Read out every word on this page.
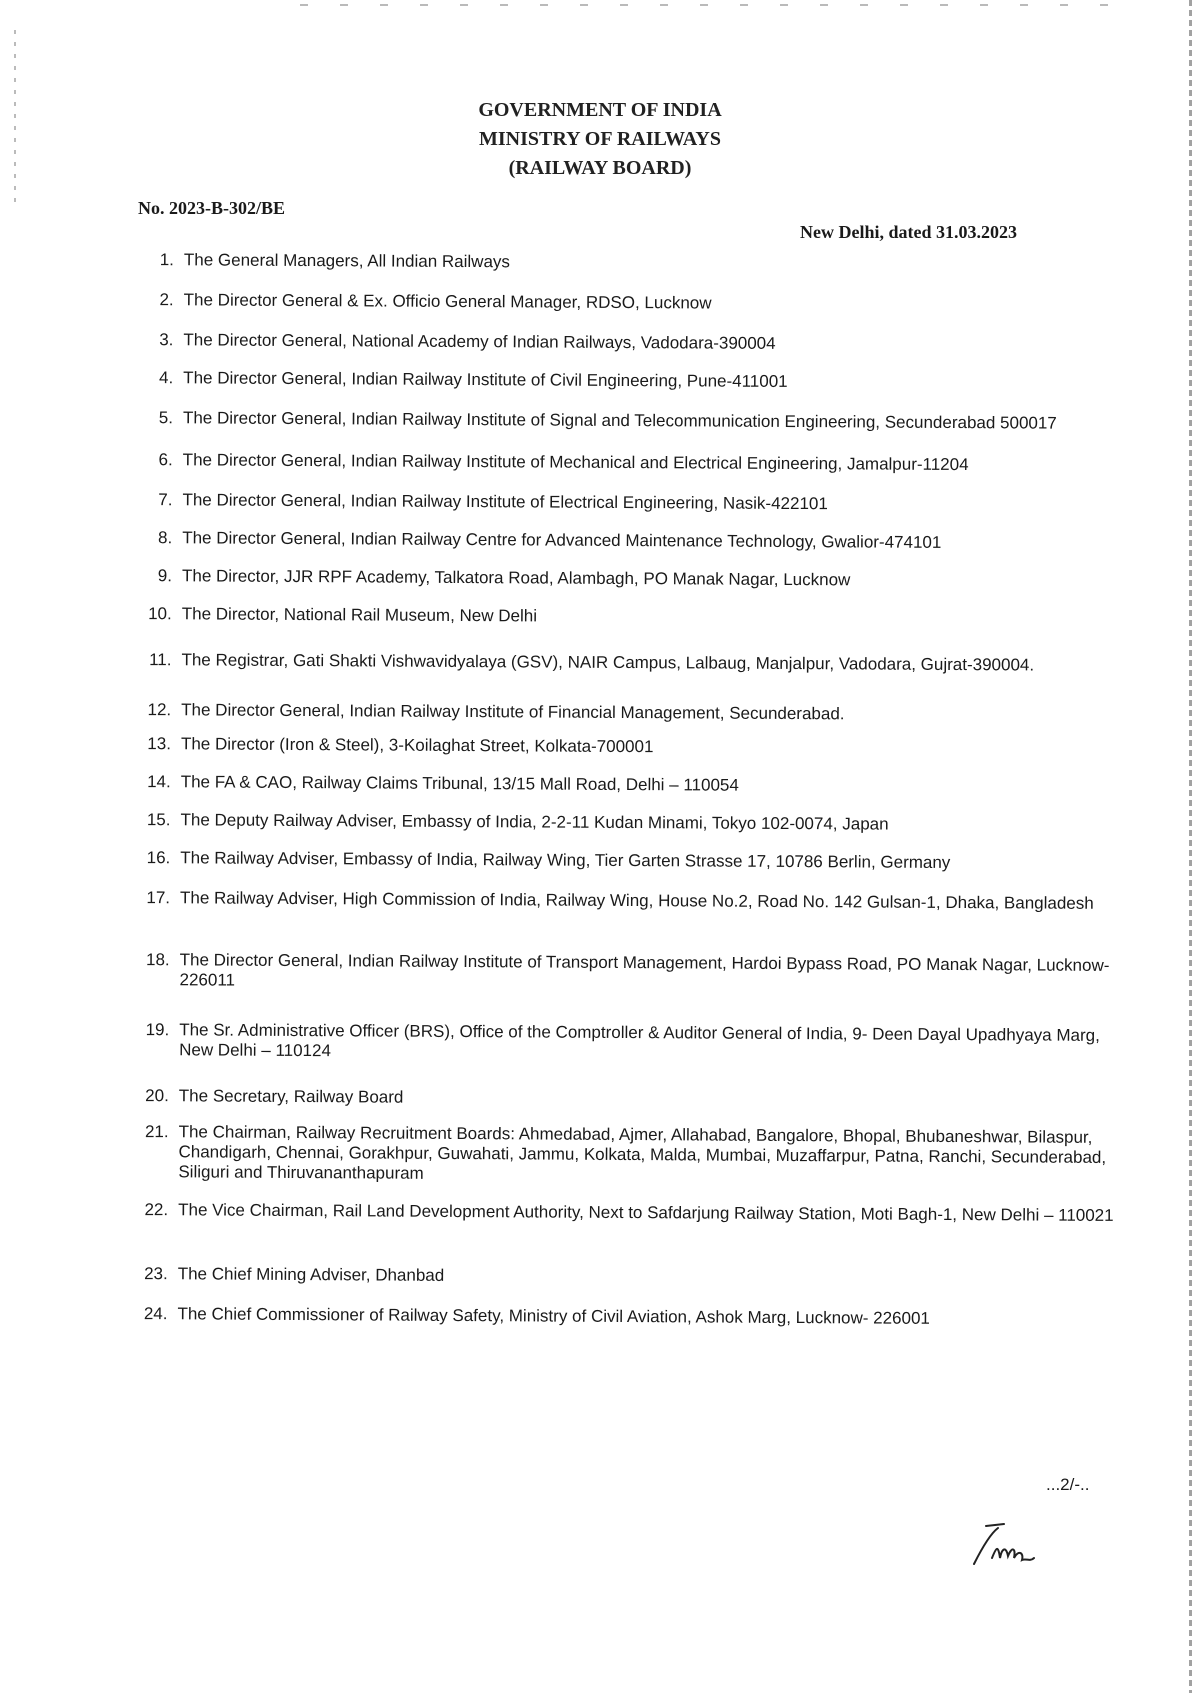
GOVERNMENT OF INDIA
MINISTRY OF RAILWAYS
(RAILWAY BOARD)
No. 2023-B-302/BE
New Delhi, dated 31.03.2023
1. The General Managers, All Indian Railways
2. The Director General & Ex. Officio General Manager, RDSO, Lucknow
3. The Director General, National Academy of Indian Railways, Vadodara-390004
4. The Director General, Indian Railway Institute of Civil Engineering, Pune-411001
5. The Director General, Indian Railway Institute of Signal and Telecommunication Engineering, Secunderabad 500017
6. The Director General, Indian Railway Institute of Mechanical and Electrical Engineering, Jamalpur-11204
7. The Director General, Indian Railway Institute of Electrical Engineering, Nasik-422101
8. The Director General, Indian Railway Centre for Advanced Maintenance Technology, Gwalior-474101
9. The Director, JJR RPF Academy, Talkatora Road, Alambagh, PO Manak Nagar, Lucknow
10. The Director, National Rail Museum, New Delhi
11. The Registrar, Gati Shakti Vishwavidyalaya (GSV), NAIR Campus, Lalbaug, Manjalpur, Vadodara, Gujrat-390004.
12. The Director General, Indian Railway Institute of Financial Management, Secunderabad.
13. The Director (Iron & Steel), 3-Koilaghat Street, Kolkata-700001
14. The FA & CAO, Railway Claims Tribunal, 13/15 Mall Road, Delhi – 110054
15. The Deputy Railway Adviser, Embassy of India, 2-2-11 Kudan Minami, Tokyo 102-0074, Japan
16. The Railway Adviser, Embassy of India, Railway Wing, Tier Garten Strasse 17, 10786 Berlin, Germany
17. The Railway Adviser, High Commission of India, Railway Wing, House No.2, Road No. 142 Gulsan-1, Dhaka, Bangladesh
18. The Director General, Indian Railway Institute of Transport Management, Hardoi Bypass Road, PO Manak Nagar, Lucknow-226011
19. The Sr. Administrative Officer (BRS), Office of the Comptroller & Auditor General of India, 9- Deen Dayal Upadhyaya Marg, New Delhi – 110124
20. The Secretary, Railway Board
21. The Chairman, Railway Recruitment Boards: Ahmedabad, Ajmer, Allahabad, Bangalore, Bhopal, Bhubaneshwar, Bilaspur, Chandigarh, Chennai, Gorakhpur, Guwahati, Jammu, Kolkata, Malda, Mumbai, Muzaffarpur, Patna, Ranchi, Secunderabad, Siliguri and Thiruvananthapuram
22. The Vice Chairman, Rail Land Development Authority, Next to Safdarjung Railway Station, Moti Bagh-1, New Delhi – 110021
23. The Chief Mining Adviser, Dhanbad
24. The Chief Commissioner of Railway Safety, Ministry of Civil Aviation, Ashok Marg, Lucknow- 226001
...2/-..
